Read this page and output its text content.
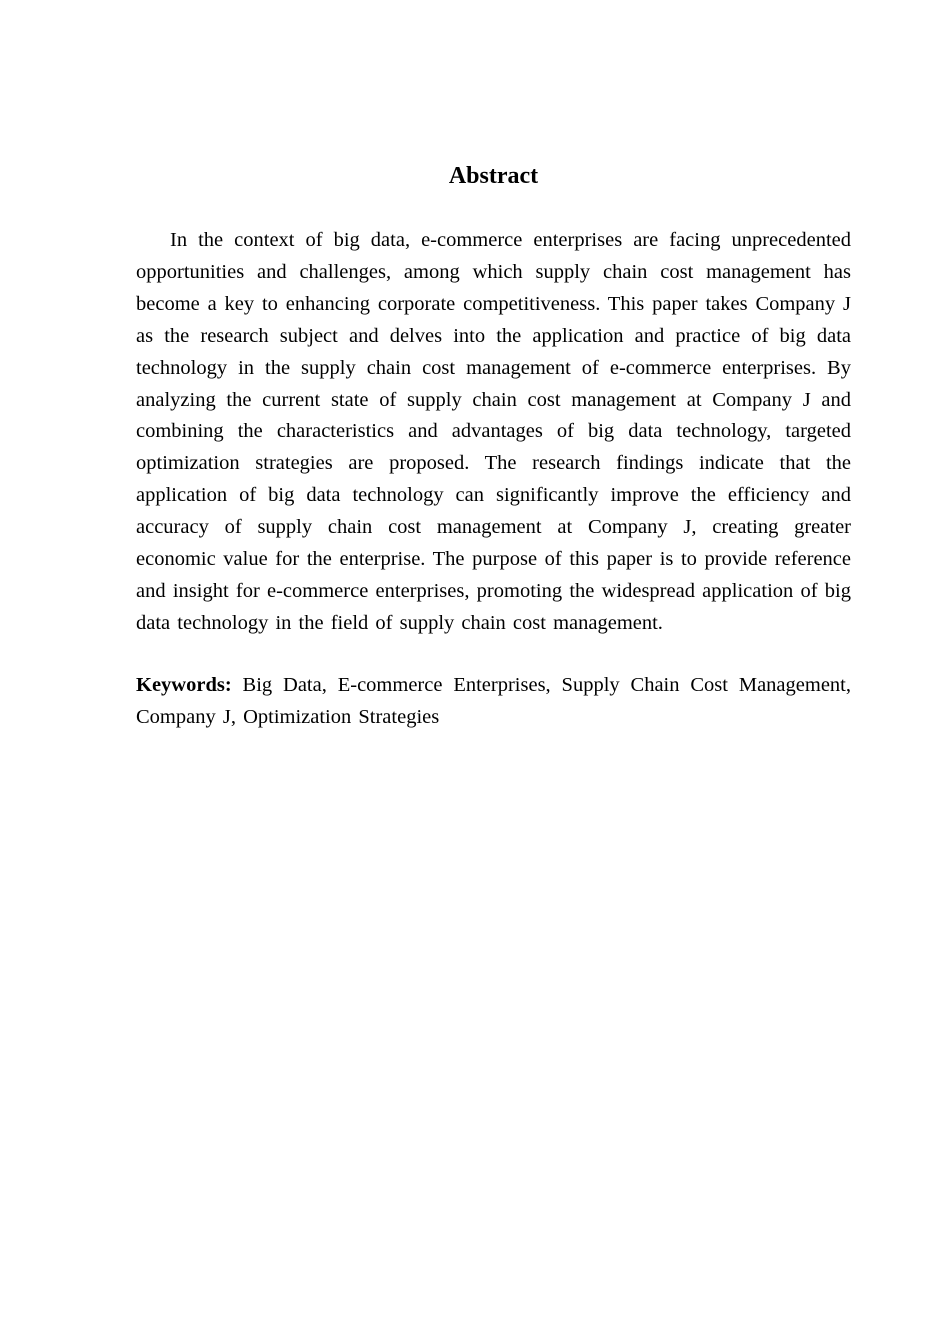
Abstract

In the context of big data, e-commerce enterprises are facing unprecedented opportunities and challenges, among which supply chain cost management has become a key to enhancing corporate competitiveness. This paper takes Company J as the research subject and delves into the application and practice of big data technology in the supply chain cost management of e-commerce enterprises. By analyzing the current state of supply chain cost management at Company J and combining the characteristics and advantages of big data technology, targeted optimization strategies are proposed. The research findings indicate that the application of big data technology can significantly improve the efficiency and accuracy of supply chain cost management at Company J, creating greater economic value for the enterprise. The purpose of this paper is to provide reference and insight for e-commerce enterprises, promoting the widespread application of big data technology in the field of supply chain cost management.

Keywords: Big Data, E-commerce Enterprises, Supply Chain Cost Management, Company J, Optimization Strategies
